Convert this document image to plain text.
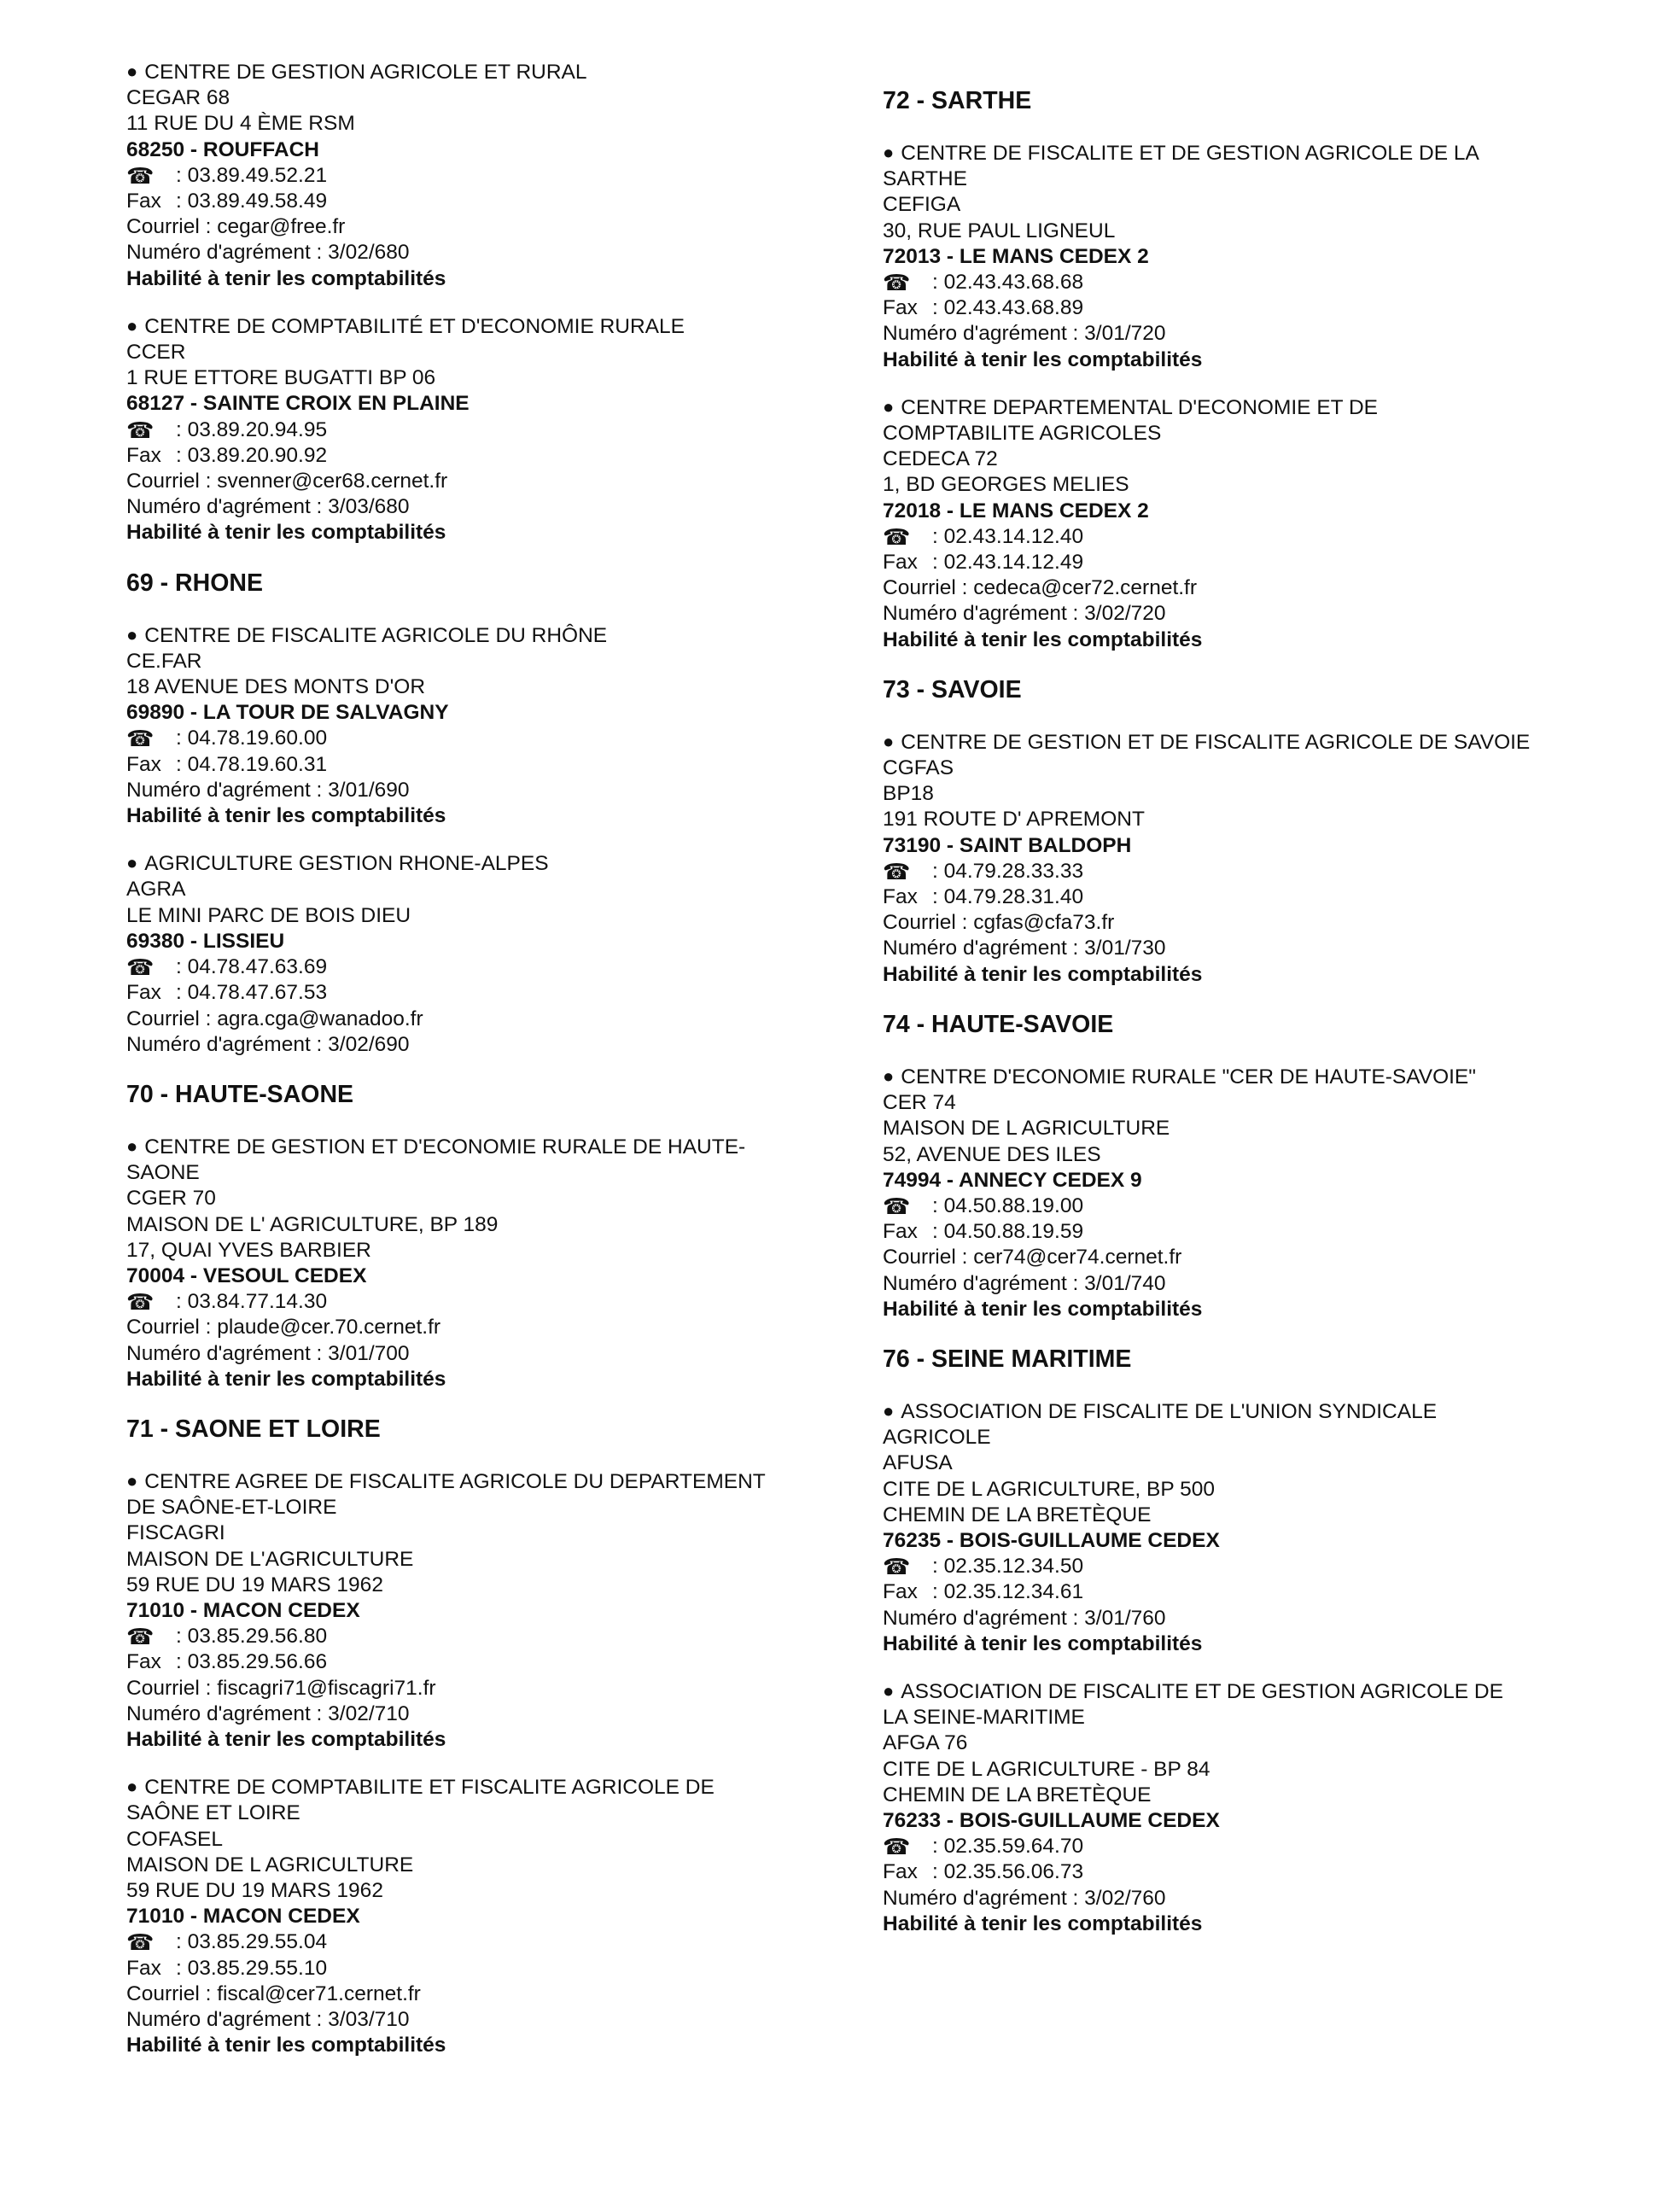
● CENTRE DE GESTION AGRICOLE ET RURAL
CEGAR 68
11 RUE DU 4 ÈME RSM
68250 - ROUFFACH
☎
: 03.89.49.52.21
Fax : 03.89.49.58.49
Courriel : cegar@free.fr
Numéro d'agrément : 3/02/680
Habilité à tenir les comptabilités
● CENTRE DE COMPTABILITÉ ET D'ECONOMIE RURALE
CCER
1 RUE ETTORE BUGATTI BP 06
68127 - SAINTE CROIX EN PLAINE
☎
: 03.89.20.94.95
Fax : 03.89.20.90.92
Courriel : svenner@cer68.cernet.fr
Numéro d'agrément : 3/03/680
Habilité à tenir les comptabilités
69 - RHONE
● CENTRE DE FISCALITE AGRICOLE DU RHÔNE
CE.FAR
18 AVENUE DES MONTS D'OR
69890 - LA TOUR DE SALVAGNY
☎
: 04.78.19.60.00
Fax : 04.78.19.60.31
Numéro d'agrément : 3/01/690
Habilité à tenir les comptabilités
● AGRICULTURE GESTION RHONE-ALPES
AGRA
LE MINI PARC DE BOIS DIEU
69380 - LISSIEU
☎
: 04.78.47.63.69
Fax : 04.78.47.67.53
Courriel : agra.cga@wanadoo.fr
Numéro d'agrément : 3/02/690
70 - HAUTE-SAONE
● CENTRE DE GESTION ET D'ECONOMIE RURALE DE HAUTE-
SAONE
CGER 70
MAISON DE L' AGRICULTURE, BP 189
17, QUAI YVES BARBIER
70004 - VESOUL CEDEX
☎
: 03.84.77.14.30
Courriel : plaude@cer.70.cernet.fr
Numéro d'agrément : 3/01/700
Habilité à tenir les comptabilités
71 - SAONE ET LOIRE
● CENTRE AGREE DE FISCALITE AGRICOLE DU DEPARTEMENT
DE SAÔNE-ET-LOIRE
FISCAGRI
MAISON DE L'AGRICULTURE
59 RUE DU 19 MARS 1962
71010 - MACON CEDEX
☎
: 03.85.29.56.80
Fax : 03.85.29.56.66
Courriel : fiscagri71@fiscagri71.fr
Numéro d'agrément : 3/02/710
Habilité à tenir les comptabilités
● CENTRE DE COMPTABILITE ET FISCALITE AGRICOLE DE
SAÔNE ET LOIRE
COFASEL
MAISON DE L AGRICULTURE
59 RUE DU 19 MARS 1962
71010 - MACON CEDEX
☎
: 03.85.29.55.04
Fax : 03.85.29.55.10
Courriel : fiscal@cer71.cernet.fr
Numéro d'agrément : 3/03/710
Habilité à tenir les comptabilités
72 - SARTHE
● CENTRE DE FISCALITE ET DE GESTION AGRICOLE DE LA
SARTHE
CEFIGA
30, RUE PAUL LIGNEUL
72013 - LE MANS CEDEX 2
☎
: 02.43.43.68.68
Fax : 02.43.43.68.89
Numéro d'agrément : 3/01/720
Habilité à tenir les comptabilités
● CENTRE DEPARTEMENTAL D'ECONOMIE ET DE
COMPTABILITE AGRICOLES
CEDECA 72
1, BD GEORGES MELIES
72018 - LE MANS CEDEX 2
☎
: 02.43.14.12.40
Fax : 02.43.14.12.49
Courriel : cedeca@cer72.cernet.fr
Numéro d'agrément : 3/02/720
Habilité à tenir les comptabilités
73 - SAVOIE
● CENTRE DE GESTION ET DE FISCALITE AGRICOLE DE SAVOIE
CGFAS
BP18
191 ROUTE D' APREMONT
73190 - SAINT BALDOPH
☎
: 04.79.28.33.33
Fax : 04.79.28.31.40
Courriel : cgfas@cfa73.fr
Numéro d'agrément : 3/01/730
Habilité à tenir les comptabilités
74 - HAUTE-SAVOIE
● CENTRE D'ECONOMIE RURALE "CER DE HAUTE-SAVOIE"
CER 74
MAISON DE L AGRICULTURE
52, AVENUE DES ILES
74994 - ANNECY CEDEX 9
☎
: 04.50.88.19.00
Fax : 04.50.88.19.59
Courriel : cer74@cer74.cernet.fr
Numéro d'agrément : 3/01/740
Habilité à tenir les comptabilités
76 - SEINE MARITIME
● ASSOCIATION DE FISCALITE DE L'UNION SYNDICALE
AGRICOLE
AFUSA
CITE DE L AGRICULTURE, BP 500
CHEMIN DE LA BRETÈQUE
76235 - BOIS-GUILLAUME CEDEX
☎
: 02.35.12.34.50
Fax : 02.35.12.34.61
Numéro d'agrément : 3/01/760
Habilité à tenir les comptabilités
● ASSOCIATION DE FISCALITE ET DE GESTION AGRICOLE DE
LA SEINE-MARITIME
AFGA 76
CITE DE L AGRICULTURE - BP 84
CHEMIN DE LA BRETÈQUE
76233 - BOIS-GUILLAUME CEDEX
☎
: 02.35.59.64.70
Fax : 02.35.56.06.73
Numéro d'agrément : 3/02/760
Habilité à tenir les comptabilités
